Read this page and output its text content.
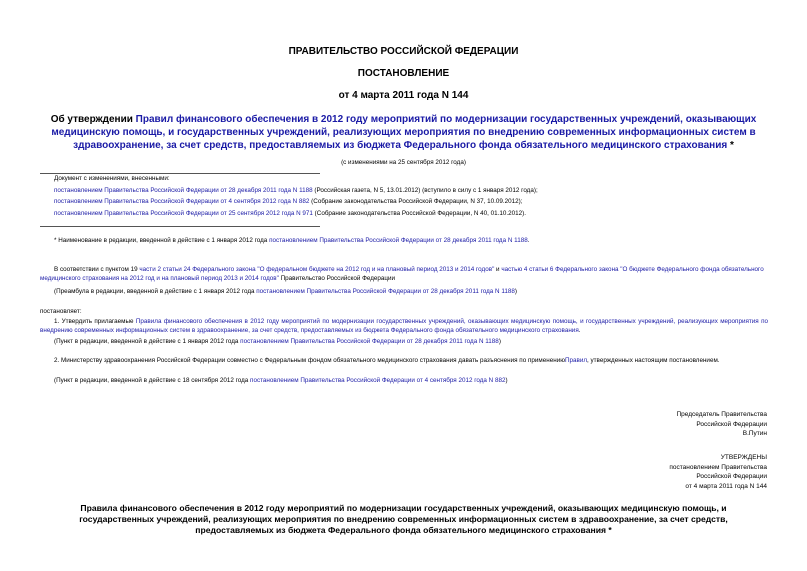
ПРАВИТЕЛЬСТВО РОССИЙСКОЙ ФЕДЕРАЦИИ
ПОСТАНОВЛЕНИЕ
от 4 марта 2011 года N 144
Об утверждении Правил финансового обеспечения в 2012 году мероприятий по модернизации государственных учреждений, оказывающих медицинскую помощь, и государственных учреждений, реализующих мероприятия по внедрению современных информационных систем в здравоохранение, за счет средств, предоставляемых из бюджета Федерального фонда обязательного медицинского страхования *
(с изменениями на 25 сентября 2012 года)
Документ с изменениями, внесенными:
постановлением Правительства Российской Федерации от 28 декабря 2011 года N 1188 (Российская газета, N 5, 13.01.2012) (вступило в силу с 1 января 2012 года);
постановлением Правительства Российской Федерации от 4 сентября 2012 года N 882 (Собрание законодательства Российской Федерации, N 37, 10.09.2012);
постановлением Правительства Российской Федерации от 25 сентября 2012 года N 971 (Собрание законодательства Российской Федерации, N 40, 01.10.2012).
* Наименование в редакции, введенной в действие с 1 января 2012 года постановлением Правительства Российской Федерации от 28 декабря 2011 года N 1188.
В соответствии с пунктом 19 части 2 статьи 24 Федерального закона "О федеральном бюджете на 2012 год и на плановый период 2013 и 2014 годов" и частью 4 статьи 6 Федерального закона "О бюджете Федерального фонда обязательного медицинского страхования на 2012 год и на плановый период 2013 и 2014 годов" Правительство Российской Федерации
(Преамбула в редакции, введенной в действие с 1 января 2012 года постановлением Правительства Российской Федерации от 28 декабря 2011 года N 1188)
постановляет:
1. Утвердить прилагаемые Правила финансового обеспечения в 2012 году мероприятий по модернизации государственных учреждений, оказывающих медицинскую помощь, и государственных учреждений, реализующих мероприятия по внедрению современных информационных систем в здравоохранение, за счет средств, предоставляемых из бюджета Федерального фонда обязательного медицинского страхования.
(Пункт в редакции, введенной в действие с 1 января 2012 года постановлением Правительства Российской Федерации от 28 декабря 2011 года N 1188)
2. Министерству здравоохранения Российской Федерации совместно с Федеральным фондом обязательного медицинского страхования давать разъяснения по применениюПравил, утвержденных настоящим постановлением.
(Пункт в редакции, введенной в действие с 18 сентября 2012 года постановлением Правительства Российской Федерации от 4 сентября 2012 года N 882)
Председатель Правительства
Российской Федерации
В.Путин
УТВЕРЖДЕНЫ
постановлением Правительства
Российской Федерации
от 4 марта 2011 года N 144
Правила финансового обеспечения в 2012 году мероприятий по модернизации государственных учреждений, оказывающих медицинскую помощь, и государственных учреждений, реализующих мероприятия по внедрению современных информационных систем в здравоохранение, за счет средств, предоставляемых из бюджета Федерального фонда обязательного медицинского страхования *
